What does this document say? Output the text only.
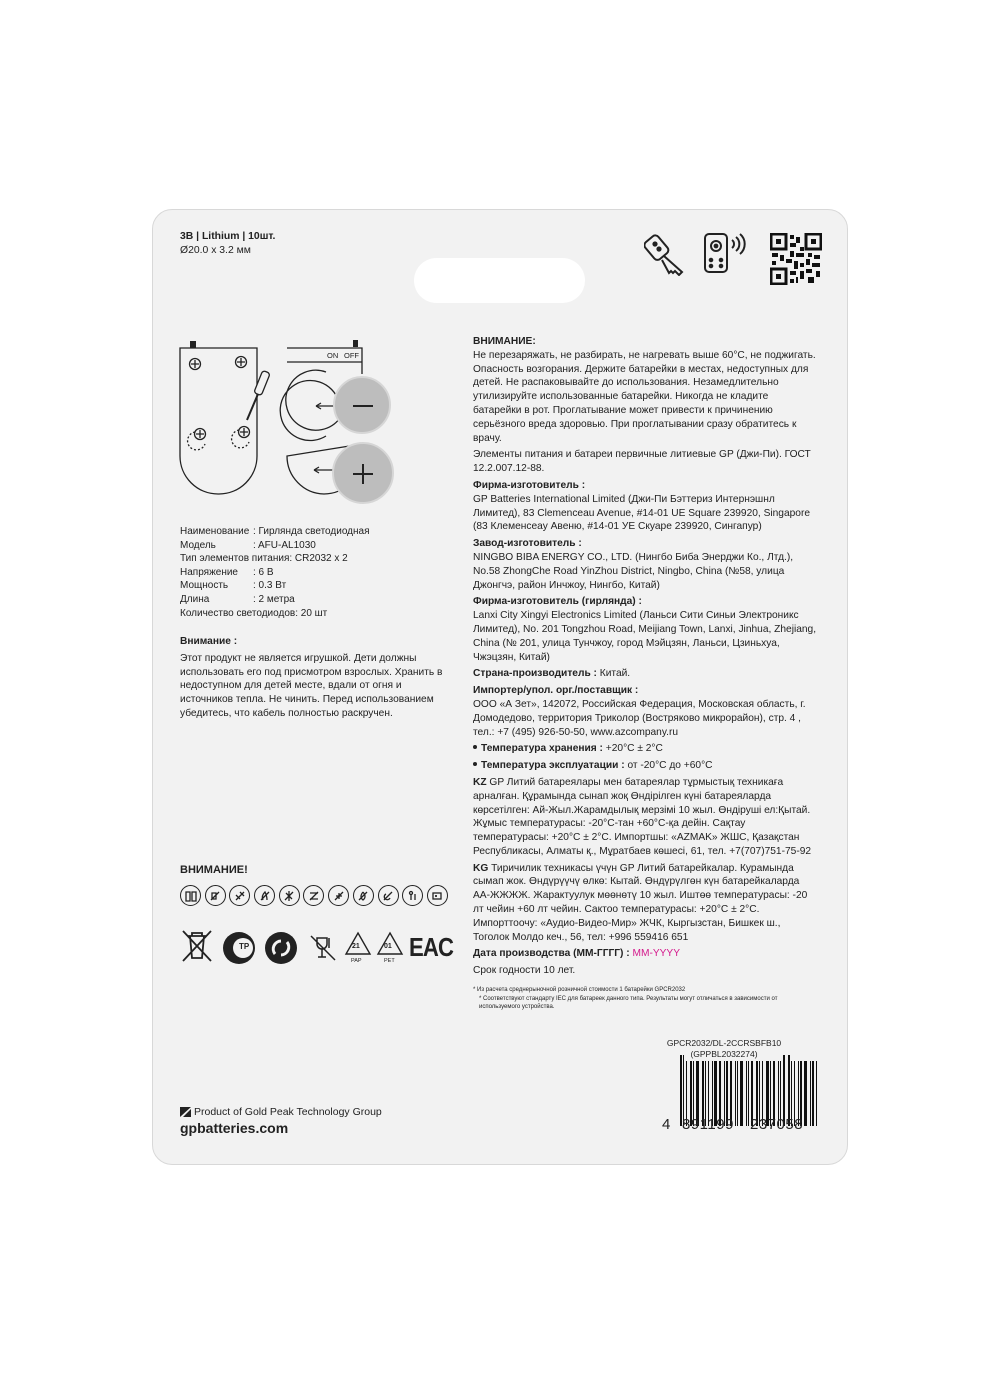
3В | Lithium | 10шт.
Ø20.0 x 3.2 мм
ON OFF
Наименование : Гирлянда светодиодная
Модель	: AFU-AL1030
Тип элементов питания : CR2032 x 2
Напряжение	: 6 В
Мощность	: 0.3 Вт
Длина	: 2 метра
Количество светодиодов : 20 шт
Внимание :
Этот продукт не является игрушкой. Дети должны использовать его под присмотром взрослых. Хранить в недоступном для детей месте, вдали от огня и источников тепла. Не чинить. Перед использованием убедитесь, что кабель полностью раскручен.
ВНИМАНИЕ!
TP	21
PAP
01
PET EAC
ВНИМАНИЕ:
Не перезаряжать, не разбирать, не нагревать выше 60°С, не поджигать. Опасность возгорания. Держите батарейки в местах, недоступных для детей. Не распаковывайте до использования. Незамедлительно утилизируйте использованные батарейки. Никогда не кладите батарейки в рот. Проглатывание может привести к причинению серьёзного вреда здоровью. При проглатывании сразу обратитесь к врачу.
Элементы питания и батареи первичные литиевые GP (Джи-Пи). ГОСТ 12.2.007.12-88.
Фирма-изготовитель :
GP Batteries International Limited (Джи-Пи Бэттериз Интернэшнл Лимитед), 83 Clemenceau Avenue, #14-01 UE Square 239920, Singapore (83 Клеменсеау Авеню, #14-01 УЕ Скуаре 239920, Сингапур)
Завод-изготовитель :
NINGBO BIBA ENERGY CO., LTD. (Нингбо Биба Энерджи Ко., Лтд.), No.58 ZhongChe Road YinZhou District, Ningbo, China (№58, улица Джонгчэ, район Инчжоу, Нингбо, Китай)
Фирма-изготовитель (гирлянда) :
Lanxi City Xingyi Electronics Limited (Ланьси Сити Синьи Электроникс Лимитед), No. 201 Tongzhou Road, Meijiang Town, Lanxi, Jinhua, Zhejiang, China (№ 201, улица Тунчжоу, город Мэйцзян, Ланьси, Цзиньхуа, Чжэцзян, Китай)
Страна-производитель : Китай.
Импортер/упол. орг./поставщик :
ООО «А Зет», 142072, Российская Федерация, Московская область, г. Домодедово, территория Триколор (Вострякoво микрорайон), стр. 4 , тел.: +7 (495) 926-50-50, www.azcompany.ru
Температура хранения : +20°С ± 2°С
Температура эксплуатации : от -20°С до +60°С
KZ GP Литий батареялары мен батареялар тұрмыстық техникаға арналған. Құрамында сынап жоқ Өндірілген күні батареяларда көрсетілген: Ай-Жыл.Жарамдылық мерзімі 10 жыл. Өндіруші ел:Қытай. Жұмыс температурасы: -20°С-тан +60°С-қа дейін. Сақтау температурасы: +20°С ± 2°С. Импортшы: «AZMAK» ЖШС, Қазақстан Республикасы, Алматы қ., Мұратбаев көшесі, 61, тел. +7(707)751-75-92
KG Тиричилик техникасы үчүн GP Литий батарейкалар. Курамында сымап жок. Өндүрүүчү өлкө: Кытай. Өндүрүлгөн күн батарейкаларда АА-ЖЖЖЖ. Жарактуулук мөөнөтү 10 жыл. Иштөө температурасы: -20 лт чейин +60 лт чейин. Сактоо температурасы: +20°С ± 2°С. Импорттоочу: «Аудио-Видео-Мир» ЖЧК, Кыргызстан, Бишкек ш., Тоголок Молдо кеч., 56, тел: +996 559416 651
Дата производства (ММ-ГГГГ) : MM-YYYY
Срок годности 10 лет.
* Из расчета среднерыночной розничной стоимости 1 батарейки GPCR2032
* Соответствуют стандарту IEC для батареек данного типа. Результаты могут отличаться в зависимости от используемого устройства.
GPCR2032/DL-2CCRSBFB10
(GPPBL2032274)
4 891199 237058
Product of Gold Peak Technology Group
gpbatteries.com
